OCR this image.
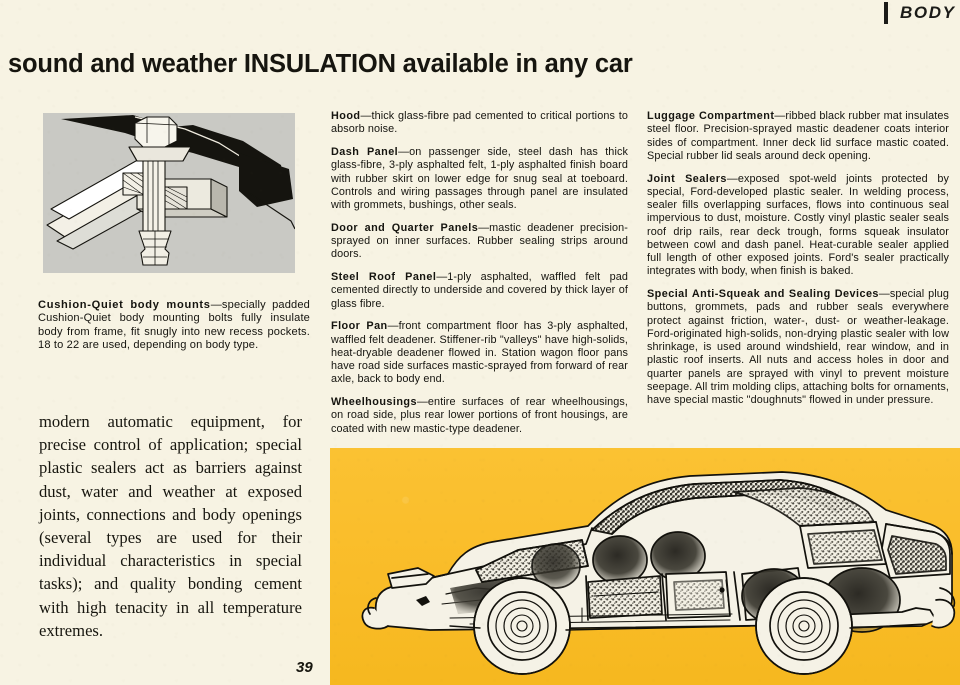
BODY
sound and weather INSULATION available in any car
Cushion-Quiet body mounts—specially padded Cushion-Quiet body mounting bolts fully insulate body from frame, fit snugly into new recess pockets. 18 to 22 are used, depending on body type.
modern automatic equipment, for precise control of application; special plastic sealers act as barriers against dust, water and weather at exposed joints, connections and body openings (several types are used for their individual characteristics in special tasks); and quality bonding cement with high tenacity in all temperature extremes.
39

Hood—thick glass-fibre pad cemented to critical portions to absorb noise.

Dash Panel—on passenger side, steel dash has thick glass-fibre, 3-ply asphalted felt, 1-ply asphalted finish board with rubber skirt on lower edge for snug seal at toeboard. Controls and wiring passages through panel are insulated with grommets, bushings, other seals.

Door and Quarter Panels—mastic deadener precision-sprayed on inner surfaces. Rubber sealing strips around doors.

Steel Roof Panel—1-ply asphalted, waffled felt pad cemented directly to underside and covered by thick layer of glass fibre.

Floor Pan—front compartment floor has 3-ply asphalted, waffled felt deadener. Stiffener-rib "valleys" have high-solids, heat-dryable deadener flowed in. Station wagon floor pans have road side surfaces mastic-sprayed from forward of rear axle, back to body end.

Wheelhousings—entire surfaces of rear wheelhousings, on road side, plus rear lower portions of front housings, are coated with new mastic-type deadener.

Luggage Compartment—ribbed black rubber mat insulates steel floor. Precision-sprayed mastic deadener coats interior sides of compartment. Inner deck lid surface mastic coated. Special rubber lid seals around deck opening.

Joint Sealers—exposed spot-weld joints protected by special, Ford-developed plastic sealer. In welding process, sealer fills overlapping surfaces, flows into continuous seal impervious to dust, moisture. Costly vinyl plastic sealer seals roof drip rails, rear deck trough, forms squeak insulator between cowl and dash panel. Heat-curable sealer applied full length of other exposed joints. Ford's sealer practically integrates with body, when finish is baked.

Special Anti-Squeak and Sealing Devices—special plug buttons, grommets, pads and rubber seals everywhere protect against friction, water-, dust- or weather-leakage. Ford-originated high-solids, non-drying plastic sealer with low shrinkage, is used around windshield, rear window, and in plastic roof inserts. All nuts and access holes in door and quarter panels are sprayed with vinyl to prevent moisture seepage. All trim molding clips, attaching bolts for ornaments, have special mastic "doughnuts" flowed in under pressure.
